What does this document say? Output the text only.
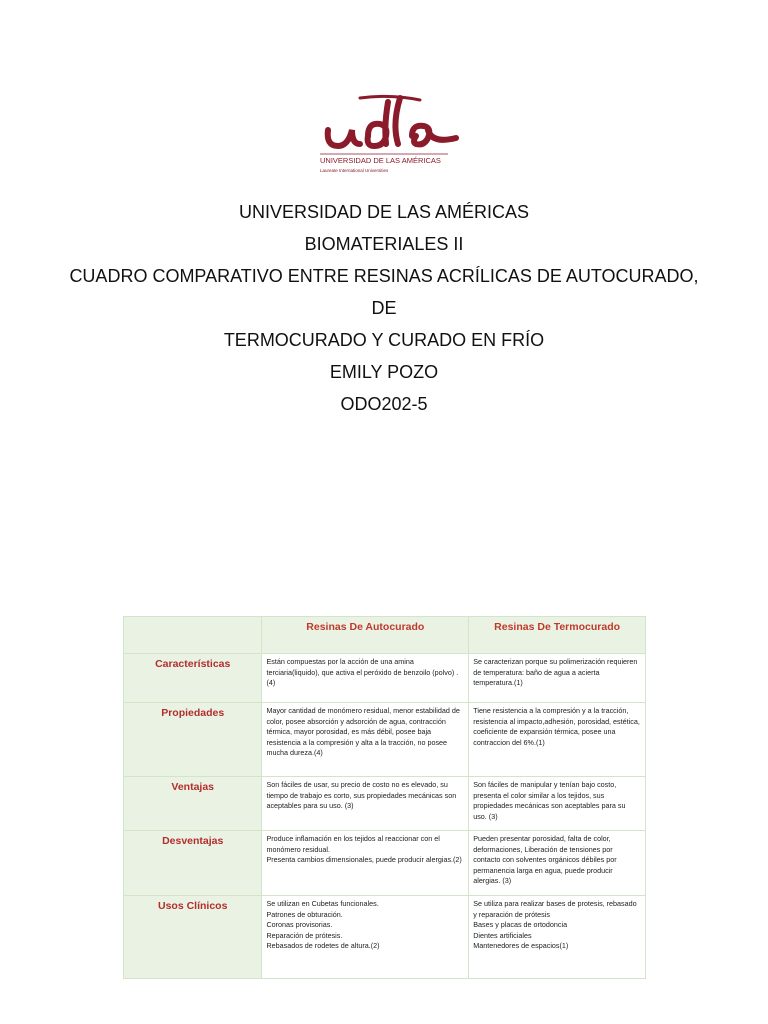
UNIVERSIDAD DE LAS AMÉRICAS
Laureate International Universities
UNIVERSIDAD DE LAS AMÉRICAS
BIOMATERIALES II
CUADRO COMPARATIVO ENTRE RESINAS ACRÍLICAS DE AUTOCURADO, DE
TERMOCURADO Y CURADO EN FRÍO
EMILY POZO
ODO202-5
	Resinas De Autocurado	Resinas De Termocurado
Características	Están compuestas por la acción de una amina terciaria(liquido), que activa el peróxido de benzoilo (polvo) . (4)	Se caracterizan porque su polimerización requieren de temperatura: baño de agua a acierta temperatura.(1)

Propiedades	Mayor cantidad de monómero residual, menor estabilidad de color, posee absorción y adsorción de agua, contracción térmica, mayor porosidad, es más débil, posee baja resistencia a la compresión y alta a la tracción, no posee mucha dureza.(4)	Tiene resistencia a la compresión y a la tracción, resistencia al impacto,adhesión, porosidad, estética, coeficiente de expansión térmica, posee una contraccion del 6%.(1)

Ventajas	Son fáciles de usar, su precio de costo no es elevado, su tiempo de trabajo es corto, sus propiedades mecánicas son aceptables para su uso. (3)	Son fáciles de manipular y tenían bajo costo, presenta el color similar a los tejidos, sus propiedades mecánicas son aceptables para su uso. (3)

Desventajas	Produce inflamación en los tejidos al reaccionar con el monómero residual.
Presenta cambios dimensionales, puede producir alergias.(2)	Pueden presentar porosidad, falta de color, deformaciones, Liberación de tensiones por contacto con solventes orgánicos débiles por permanencia larga en agua, puede producir alergias. (3)

Usos Clínicos	Se utilizan en Cubetas funcionales.
Patrones de obturación.
Coronas provisorias.
Reparación de prótesis.
Rebasados de rodetes de altura.(2)	Se utiliza para realizar bases de protesis, rebasado y reparación de prótesis
Bases y placas de ortodoncia
Dientes artificiales
Mantenedores de espacios(1)
